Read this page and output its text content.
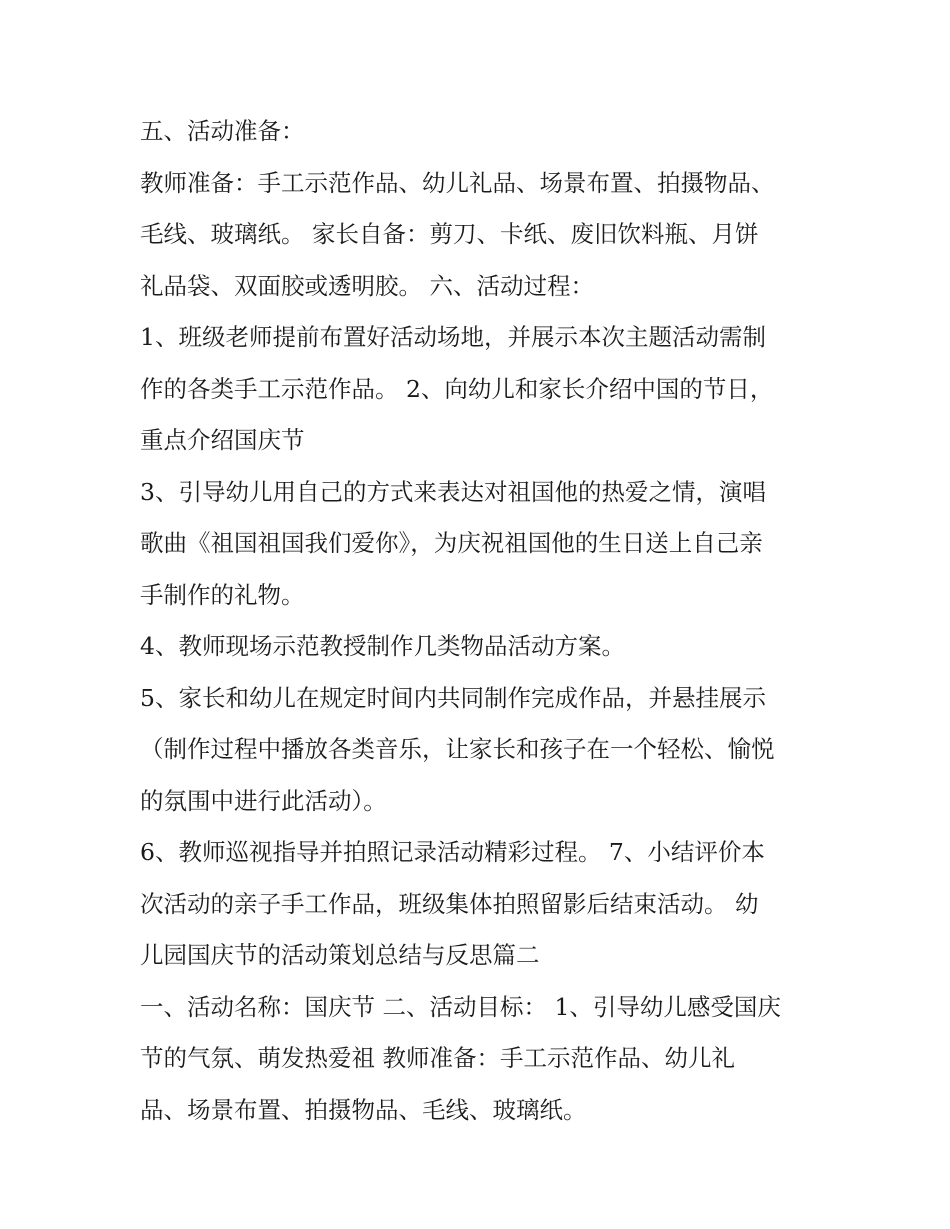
五、活动准备：
教师准备：手工示范作品、幼儿礼品、场景布置、拍摄物品、
毛线、玻璃纸。 家长自备：剪刀、卡纸、废旧饮料瓶、月饼
礼品袋、双面胶或透明胶。 六、活动过程：
1、班级老师提前布置好活动场地，并展示本次主题活动需制
作的各类手工示范作品。 2、向幼儿和家长介绍中国的节日，
重点介绍国庆节
3、引导幼儿用自己的方式来表达对祖国他的热爱之情，演唱
歌曲《祖国祖国我们爱你》，为庆祝祖国他的生日送上自己亲
手制作的礼物。
4、教师现场示范教授制作几类物品活动方案。
5、家长和幼儿在规定时间内共同制作完成作品，并悬挂展示
（制作过程中播放各类音乐，让家长和孩子在一个轻松、愉悦
的氛围中进行此活动）。
6、教师巡视指导并拍照记录活动精彩过程。 7、小结评价本
次活动的亲子手工作品，班级集体拍照留影后结束活动。 幼
儿园国庆节的活动策划总结与反思篇二
一、活动名称：国庆节 二、活动目标： 1、引导幼儿感受国庆
节的气氛、萌发热爱祖 教师准备：手工示范作品、幼儿礼
品、场景布置、拍摄物品、毛线、玻璃纸。
